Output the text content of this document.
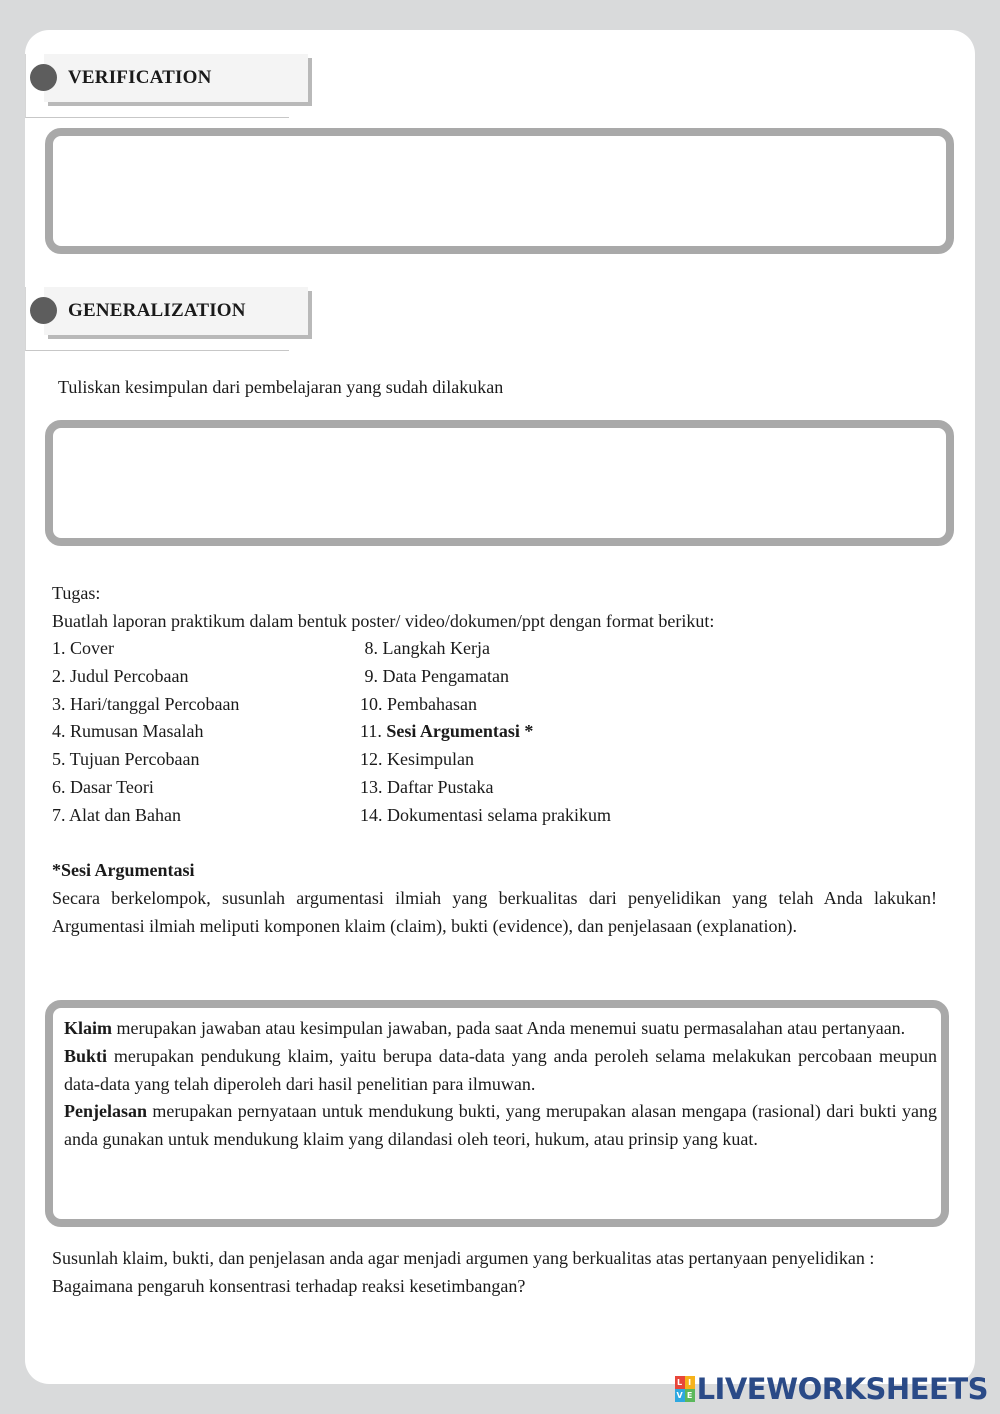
VERIFICATION
GENERALIZATION
Tuliskan kesimpulan dari pembelajaran yang sudah dilakukan
Tugas:
Buatlah laporan praktikum dalam bentuk poster/ video/dokumen/ppt dengan format berikut:
1. Cover
2. Judul Percobaan
3. Hari/tanggal Percobaan
4. Rumusan Masalah
5. Tujuan Percobaan
6. Dasar Teori
7. Alat dan Bahan
8. Langkah Kerja
9. Data Pengamatan
10. Pembahasan
11. Sesi Argumentasi *
12. Kesimpulan
13. Daftar Pustaka
14. Dokumentasi selama prakikum
*Sesi Argumentasi
Secara berkelompok, susunlah argumentasi ilmiah yang berkualitas dari penyelidikan yang telah Anda lakukan! Argumentasi ilmiah meliputi komponen klaim (claim), bukti (evidence), dan penjelasaan (explanation).
Klaim merupakan jawaban atau kesimpulan jawaban, pada saat Anda menemui suatu permasalahan atau pertanyaan.
Bukti merupakan pendukung klaim, yaitu berupa data-data yang anda peroleh selama melakukan percobaan meupun data-data yang telah diperoleh dari hasil penelitian para ilmuwan.
Penjelasan merupakan pernyataan untuk mendukung bukti, yang merupakan alasan mengapa (rasional) dari bukti yang anda gunakan untuk mendukung klaim yang dilandasi oleh teori, hukum, atau prinsip yang kuat.
Susunlah klaim, bukti, dan penjelasan anda agar menjadi argumen yang berkualitas atas pertanyaan penyelidikan :
Bagaimana pengaruh konsentrasi terhadap reaksi kesetimbangan?
L I
V E LIVEWORKSHEETS
